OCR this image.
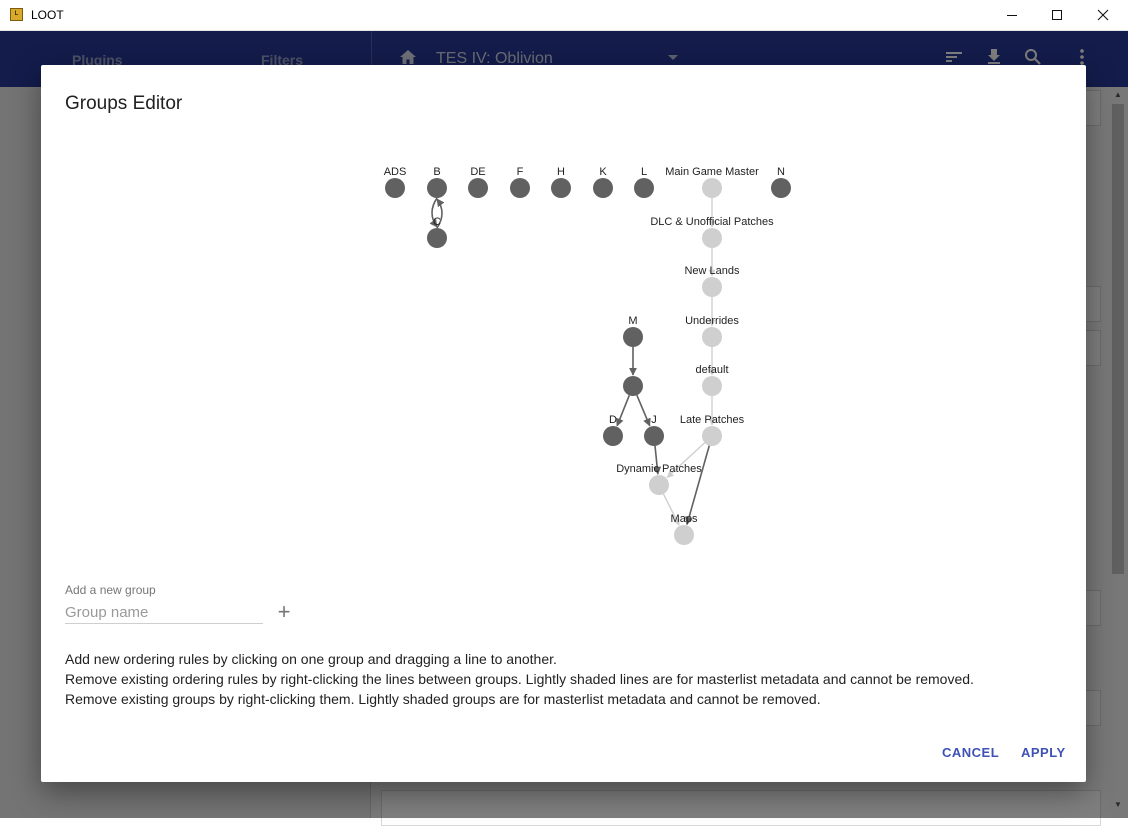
L	LOOT
Groups Editor
ADS B
C
DE	F	H	K	L Main Game Master N
DLC & Unofficial Patches
New Lands
Underrides
M
default
D	J Late Patches
Dynamic Patches
Maps
Add a new group
Group name
+
Add new ordering rules by clicking on one group and dragging a line to another.
Remove existing ordering rules by right-clicking the lines between groups. Lightly shaded lines are for masterlist metadata and cannot be removed.
Remove existing groups by right-clicking them. Lightly shaded groups are for masterlist metadata and cannot be removed.
CANCEL APPLY
